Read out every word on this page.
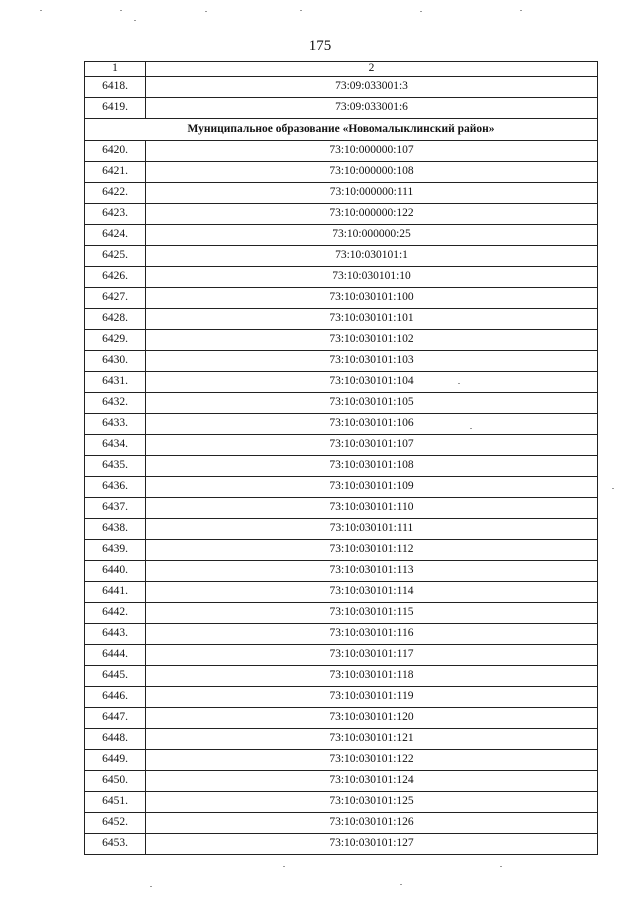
175
1	2
6418.	73:09:033001:3
6419.	73:09:033001:6
Муниципальное образование «Новомалыклинский район»	
6420.	73:10:000000:107
6421.	73:10:000000:108
6422.	73:10:000000:111
6423.	73:10:000000:122
6424.	73:10:000000:25
6425.	73:10:030101:1
6426.	73:10:030101:10
6427.	73:10:030101:100
6428.	73:10:030101:101
6429.	73:10:030101:102
6430.	73:10:030101:103
6431.	73:10:030101:104
6432.	73:10:030101:105
6433.	73:10:030101:106
6434.	73:10:030101:107
6435.	73:10:030101:108
6436.	73:10:030101:109
6437.	73:10:030101:110
6438.	73:10:030101:111
6439.	73:10:030101:112
6440.	73:10:030101:113
6441.	73:10:030101:114
6442.	73:10:030101:115
6443.	73:10:030101:116
6444.	73:10:030101:117
6445.	73:10:030101:118
6446.	73:10:030101:119
6447.	73:10:030101:120
6448.	73:10:030101:121
6449.	73:10:030101:122
6450.	73:10:030101:124
6451.	73:10:030101:125
6452.	73:10:030101:126
6453.	73:10:030101:127
